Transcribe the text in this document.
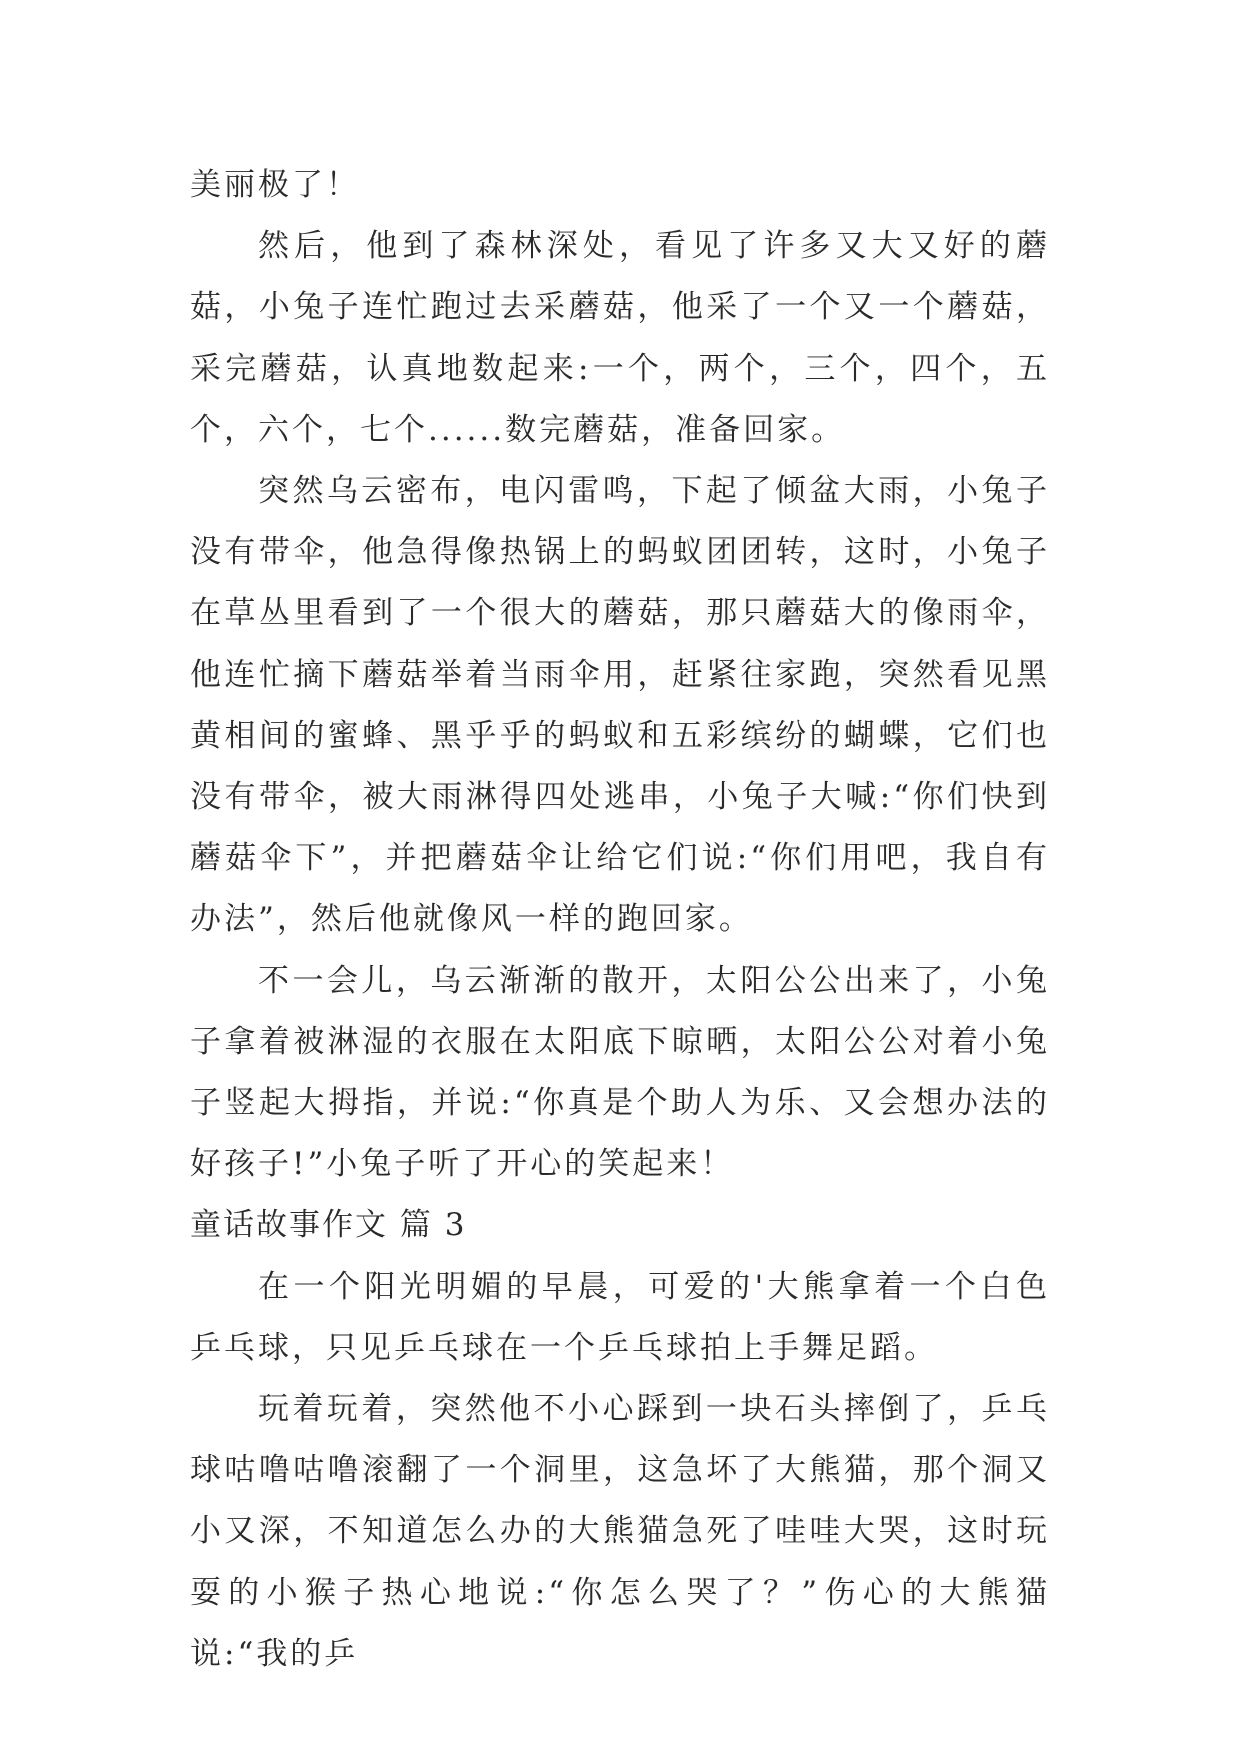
美丽极了！

然后，他到了森林深处，看见了许多又大又好的蘑菇，小兔子连忙跑过去采蘑菇，他采了一个又一个蘑菇，采完蘑菇，认真地数起来:一个，两个，三个，四个，五个，六个，七个......数完蘑菇，准备回家。

突然乌云密布，电闪雷鸣，下起了倾盆大雨，小兔子没有带伞，他急得像热锅上的蚂蚁团团转，这时，小兔子在草丛里看到了一个很大的蘑菇，那只蘑菇大的像雨伞，他连忙摘下蘑菇举着当雨伞用，赶紧往家跑，突然看见黑黄相间的蜜蜂、黑乎乎的蚂蚁和五彩缤纷的蝴蝶，它们也没有带伞，被大雨淋得四处逃串，小兔子大喊:“你们快到蘑菇伞下”，并把蘑菇伞让给它们说:“你们用吧，我自有办法”，然后他就像风一样的跑回家。

不一会儿，乌云渐渐的散开，太阳公公出来了，小兔子拿着被淋湿的衣服在太阳底下晾晒，太阳公公对着小兔子竖起大拇指，并说:“你真是个助人为乐、又会想办法的好孩子!”小兔子听了开心的笑起来！

童话故事作文 篇 3

在一个阳光明媚的早晨，可爱的'大熊拿着一个白色乒乓球，只见乒乓球在一个乒乓球拍上手舞足蹈。

玩着玩着，突然他不小心踩到一块石头摔倒了，乒乓球咕噜咕噜滚翻了一个洞里，这急坏了大熊猫，那个洞又小又深，不知道怎么办的大熊猫急死了哇哇大哭，这时玩耍的小猴子热心地说:“你怎么哭了？”伤心的大熊猫说:“我的乒
